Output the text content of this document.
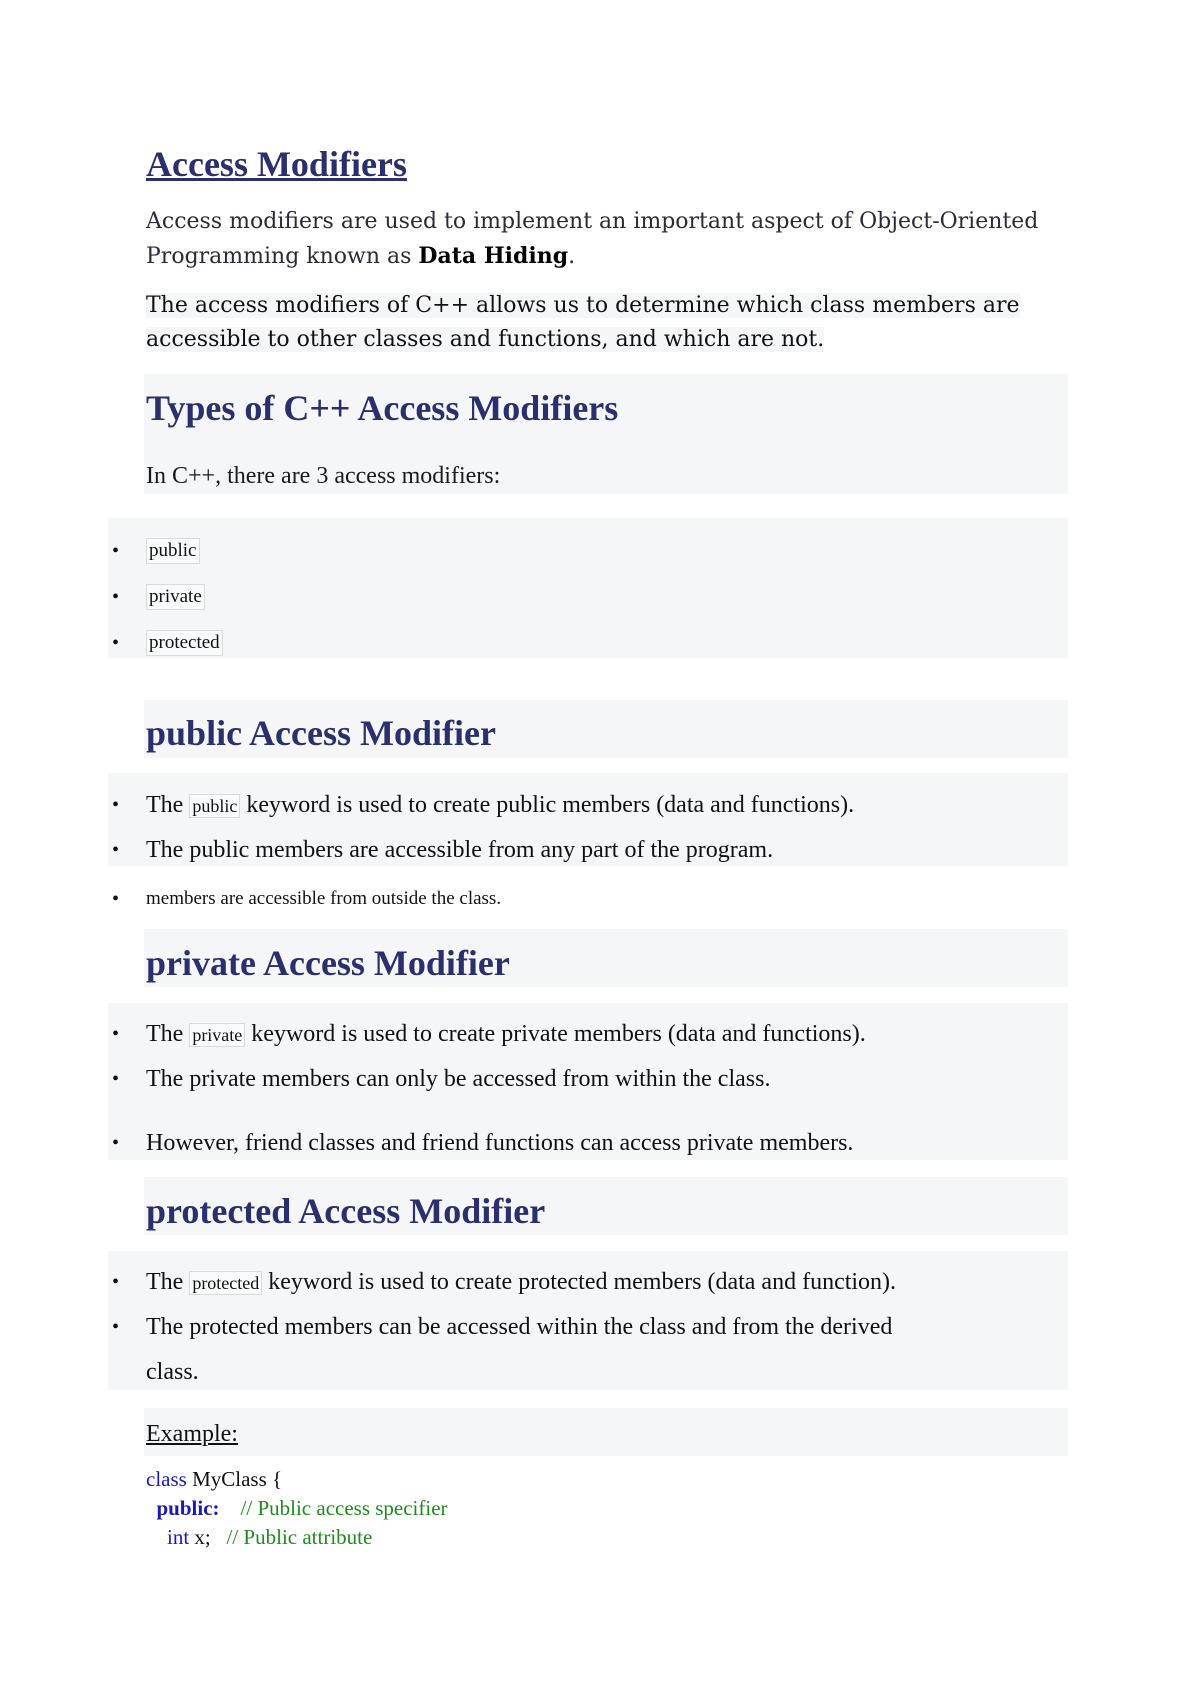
Access Modifiers

Access modifiers are used to implement an important aspect of Object-Oriented Programming known as Data Hiding.

The access modifiers of C++ allows us to determine which class members are accessible to other classes and functions, and which are not.

Types of C++ Access Modifiers

In C++, there are 3 access modifiers:

• public
• private
• protected
public Access Modifier
• The public keyword is used to create public members (data and functions).
• The public members are accessible from any part of the program.
• members are accessible from outside the class.
private Access Modifier
• The private keyword is used to create private members (data and functions).
• The private members can only be accessed from within the class.
• However, friend classes and friend functions can access private members.
protected Access Modifier
• The protected keyword is used to create protected members (data and function).
• The protected members can be accessed within the class and from the derived
class.

Example:

class MyClass {
public: // Public access specifier
int x; // Public attribute
